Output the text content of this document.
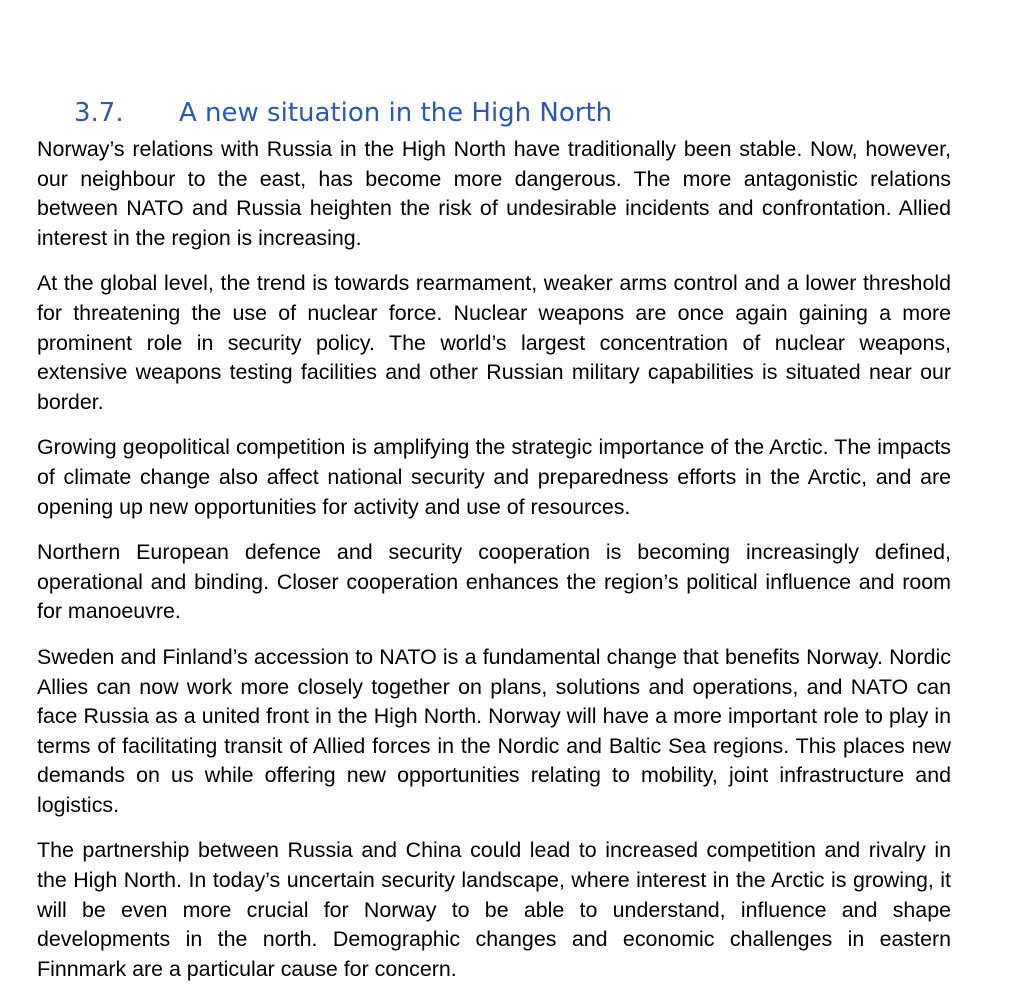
3.7. A new situation in the High North

Norway’s relations with Russia in the High North have traditionally been stable. Now, however, our neighbour to the east, has become more dangerous. The more antagonistic relations between NATO and Russia heighten the risk of undesirable incidents and confrontation. Allied interest in the region is increasing.

At the global level, the trend is towards rearmament, weaker arms control and a lower threshold for threatening the use of nuclear force. Nuclear weapons are once again gaining a more prominent role in security policy. The world’s largest concentration of nuclear weapons, extensive weapons testing facilities and other Russian military capabilities is situated near our border.

Growing geopolitical competition is amplifying the strategic importance of the Arctic. The impacts of climate change also affect national security and preparedness efforts in the Arctic, and are opening up new opportunities for activity and use of resources.

Northern European defence and security cooperation is becoming increasingly defined, operational and binding. Closer cooperation enhances the region’s political influence and room for manoeuvre.

Sweden and Finland’s accession to NATO is a fundamental change that benefits Norway. Nordic Allies can now work more closely together on plans, solutions and operations, and NATO can face Russia as a united front in the High North. Norway will have a more important role to play in terms of facilitating transit of Allied forces in the Nordic and Baltic Sea regions. This places new demands on us while offering new opportunities relating to mobility, joint infrastructure and logistics.

The partnership between Russia and China could lead to increased competition and rivalry in the High North. In today’s uncertain security landscape, where interest in the Arctic is growing, it will be even more crucial for Norway to be able to understand, influence and shape developments in the north. Demographic changes and economic challenges in eastern Finnmark are a particular cause for concern.
